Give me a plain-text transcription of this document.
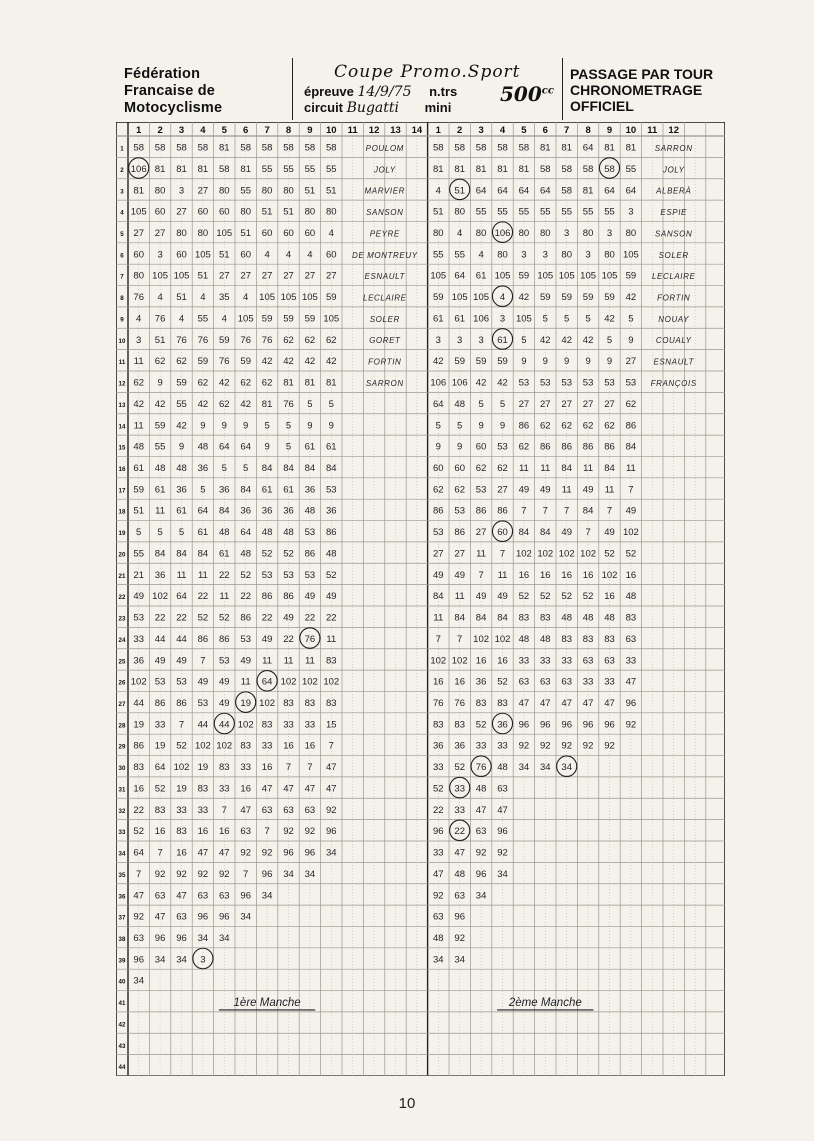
Fédération
Francaise de
Motocyclisme
Coupe Promo.Sport
épreuve 14/9/75 n.trs
circuit Bugatti mini
$500^{cc}$
PASSAGE PAR TOUR
CHRONOMETRAGE
OFFICIEL
1 2 3 4 5 6 7 8 9 10 11 12 13 14 1 2 3 4 5 6 7 8 9 10 11 12
1
2
3
4
5
6
7
8
9
10
11
12
13
14
15
16
17
18
19
20
21
22
23
24
25
26
27
28
29
30
31
32
33
34
35
36
37
38
39
40
41
42
43
44
58 58 58 58 81 58 58 58 58 58
106 81 81 81 58 81 55 55 55 55
81 80 3 27 80 55 80 80 51 51
105 60 27 60 60 80 51 51 80 80
27 27 80 80 105 51 60 60 60 4
60 3 60 105 51 60 4 4 4 60
80 105 105 51 27 27 27 27 27 27
76 4 51 4 35 4 105 105 105 59
4 76 4 55 4 105 59 59 59 105
3 51 76 76 59 76 76 62 62 62
11 62 62 59 76 59 42 42 42 42
62 9 59 62 42 62 62 81 81 81
42 42 55 42 62 42 81 76 5 5
11 59 42 9 9 9 5 5 9 9
48 55 9 48 64 64 9 5 61 61
61 48 48 36 5 5 84 84 84 84
59 61 36 5 36 84 61 61 36 53
51 11 61 64 84 36 36 36 48 36
5 5 5 61 48 64 48 48 53 86
55 84 84 84 61 48 52 52 86 48
21 36 11 11 22 52 53 53 53 52
49 102 64 22 11 22 86 86 49 49
53 22 22 52 52 86 22 49 22 22
33 44 44 86 86 53 49 22 76 11
36 49 49 7 53 49 11 11 11 83
102 53 53 49 49 11 64 102 102 102
44 86 86 53 49 19 102 83 83 83
19 33 7 44 44 102 83 33 33 15
86 19 52 102 102 83 33 16 16 7
83 64 102 19 83 33 16 7 7 47
16 52 19 83 33 16 47 47 47 47
22 83 33 33 7 47 63 63 63 92
52 16 83 16 16 63 7 92 92 96
64 7 16 47 47 92 92 96 96 34
7 92 92 92 92 7 96 34 34
47 63 47 63 63 96 34
92 47 63 96 96 34
63 96 96 34 34
96 34 34 3
34
58 58 58 58 58 81 81 64 81 81
81 81 81 81 81 58 58 58 58 55
4 51 64 64 64 64 58 81 64 64
51 80 55 55 55 55 55 55 55 3
80 4 80 106 80 80 3 80 3 80
55 55 4 80 3 3 80 3 80 105
105 64 61 105 59 105 105 105 105 59
59 105 105 4 42 59 59 59 59 42
61 61 106 3 105 5 5 5 42 5
3 3 3 61 5 42 42 42 5 9
42 59 59 59 9 9 9 9 9 27
106 106 42 42 53 53 53 53 53 53
64 48 5 5 27 27 27 27 27 62
5 5 9 9 86 62 62 62 62 86
9 9 60 53 62 86 86 86 86 84
60 60 62 62 11 11 84 11 84 11
62 62 53 27 49 49 11 49 11 7
86 53 86 86 7 7 7 84 7 49
53 86 27 60 84 84 49 7 49 102
27 27 11 7 102 102 102 102 52 52
49 49 7 11 16 16 16 16 102 16
84 11 49 49 52 52 52 52 16 48
11 84 84 84 83 83 48 48 48 83
7 7 102 102 48 48 83 83 83 63
102 102 16 16 33 33 33 63 63 33
16 16 36 52 63 63 63 33 33 47
76 76 83 83 47 47 47 47 47 96
83 83 52 36 96 96 96 96 96 92
36 36 33 33 92 92 92 92 92
33 52 76 48 34 34 34
52 33 48 63
22 33 47 47
96 22 63 96
33 47 92 92
47 48 96 34
92 63 34
63 96
48 92
34 34
POULOM
JOLY
MARVIER
SANSON
PEYRE
DE MONTREUY
ESNAULT
LECLAIRE
SOLER
GORET
FORTIN
SARRON
SARRON
JOLY
ALBERÀ
ESPIE
SANSON
SOLER
LECLAIRE
FORTIN
NOUAY
COUALY
ESNAULT
FRANÇOIS
1ère Manche	2ème Manche
10
